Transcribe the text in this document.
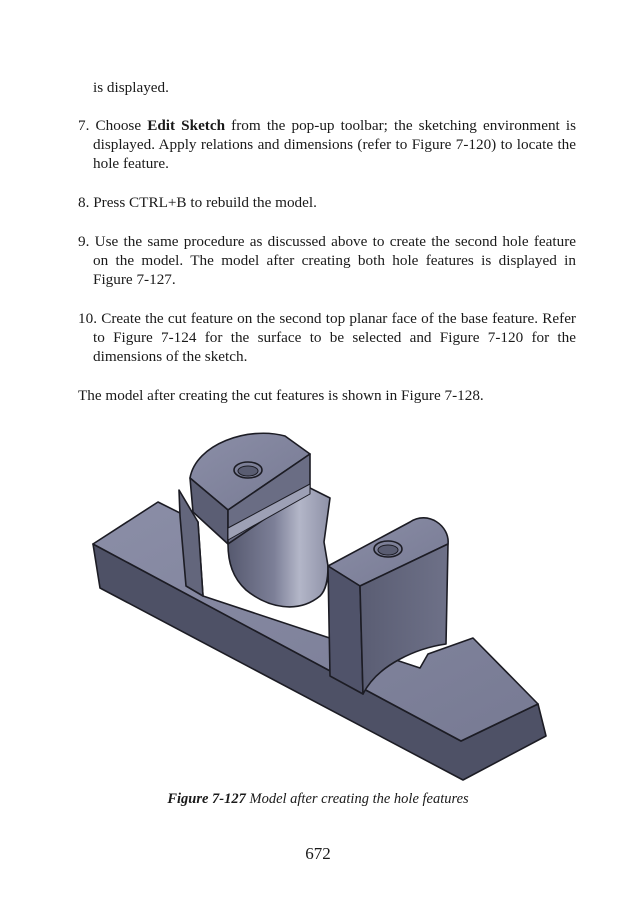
is displayed.
7. Choose Edit Sketch from the pop-up toolbar; the sketching environment is displayed. Apply relations and dimensions (refer to Figure 7-120) to locate the hole feature.
8. Press CTRL+B to rebuild the model.
9. Use the same procedure as discussed above to create the second hole feature on the model. The model after creating both hole features is displayed in Figure 7-127.
10. Create the cut feature on the second top planar face of the base feature. Refer to Figure 7-124 for the surface to be selected and Figure 7-120 for the dimensions of the sketch.
The model after creating the cut features is shown in Figure 7-128.
Figure 7-127 Model after creating the hole features
672
